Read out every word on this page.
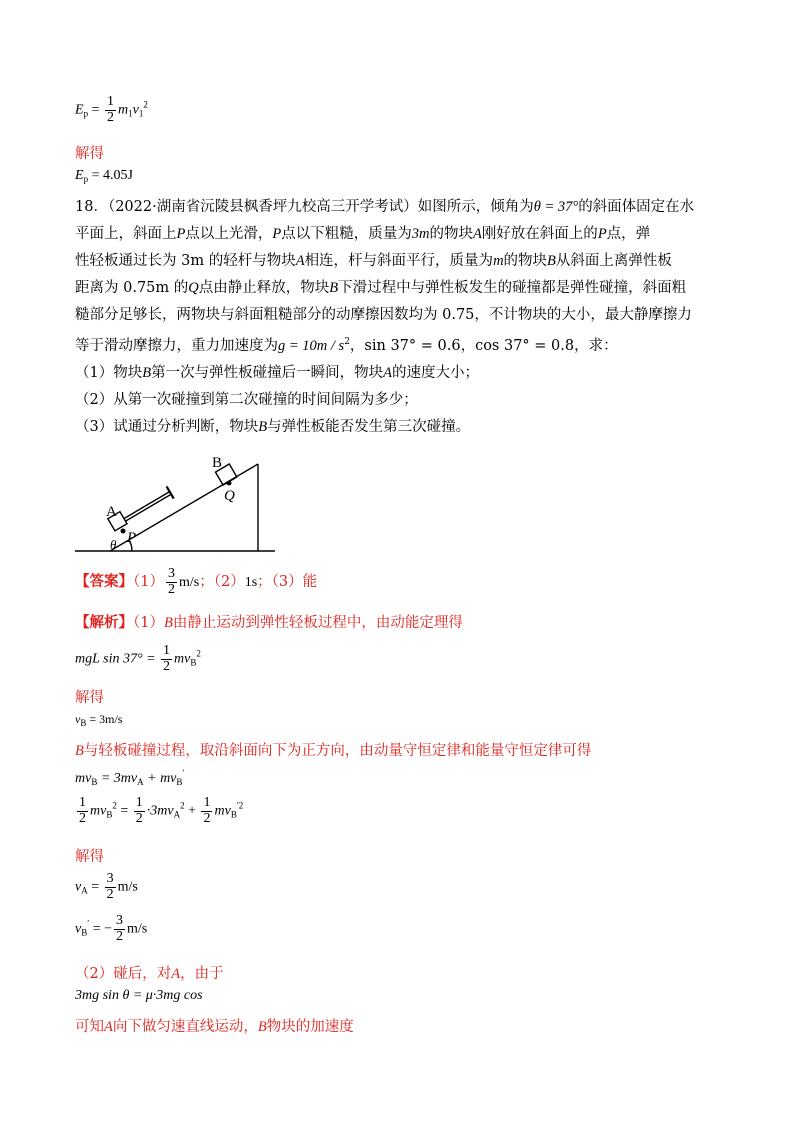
$E_p = \frac{1}{2} m_1v_1^2$
解得
$E_p = 4.05J$
18．（2022·湖南省沅陵县枫香坪九校高三开学考试）如图所示，倾角为θ = 37°的斜面体固定在水
平面上，斜面上P点以上光滑，P点以下粗糙，质量为3m的物块A刚好放在斜面上的P点，弹
性轻板通过长为 3m 的轻杆与物块A相连，杆与斜面平行，质量为m的物块B从斜面上离弹性板
距离为 0.75m 的Q点由静止释放，物块B下滑过程中与弹性板发生的碰撞都是弹性碰撞，斜面粗
糙部分足够长，两物块与斜面粗糙部分的动摩擦因数均为 0.75，不计物块的大小，最大静摩擦力
等于滑动摩擦力，重力加速度为$g = 10m / s^2$，sin 37° = 0.6，cos 37° = 0.8，求：
（1）物块B第一次与弹性板碰撞后一瞬间，物块A的速度大小；
（2）从第一次碰撞到第二次碰撞的时间间隔为多少；
（3）试通过分析判断，物块B与弹性板能否发生第三次碰撞。
B
Q
A
P
θ
【答案】$(1) \frac{3}{2} m/s$；（2）1s；（3）能
【解析】（1）B由静止运动到弹性轻板过程中，由动能定理得
mgL $\sin 37^\circ = \frac{1}{2} mv_B^2$
解得
$v_B = 3m/s$
B与轻板碰撞过程，取沿斜面向下为正方向，由动量守恒定律和能量守恒定律可得
$mv_B = 3mv_A + mv_B'$
$\frac{1}{2} mv_B^2 = \frac{1}{2} \cdot 3mv_A^2 + \frac{1}{2} mv_B^{'2}$
解得
$v_A = \frac{3}{2} m/s$
$v_B'$ = − $\frac{3}{2} m/s$
（2）碰后，对A，由于
3mg sin θ = μ·3mg cos
可知A向下做匀速直线运动，B物块的加速度
